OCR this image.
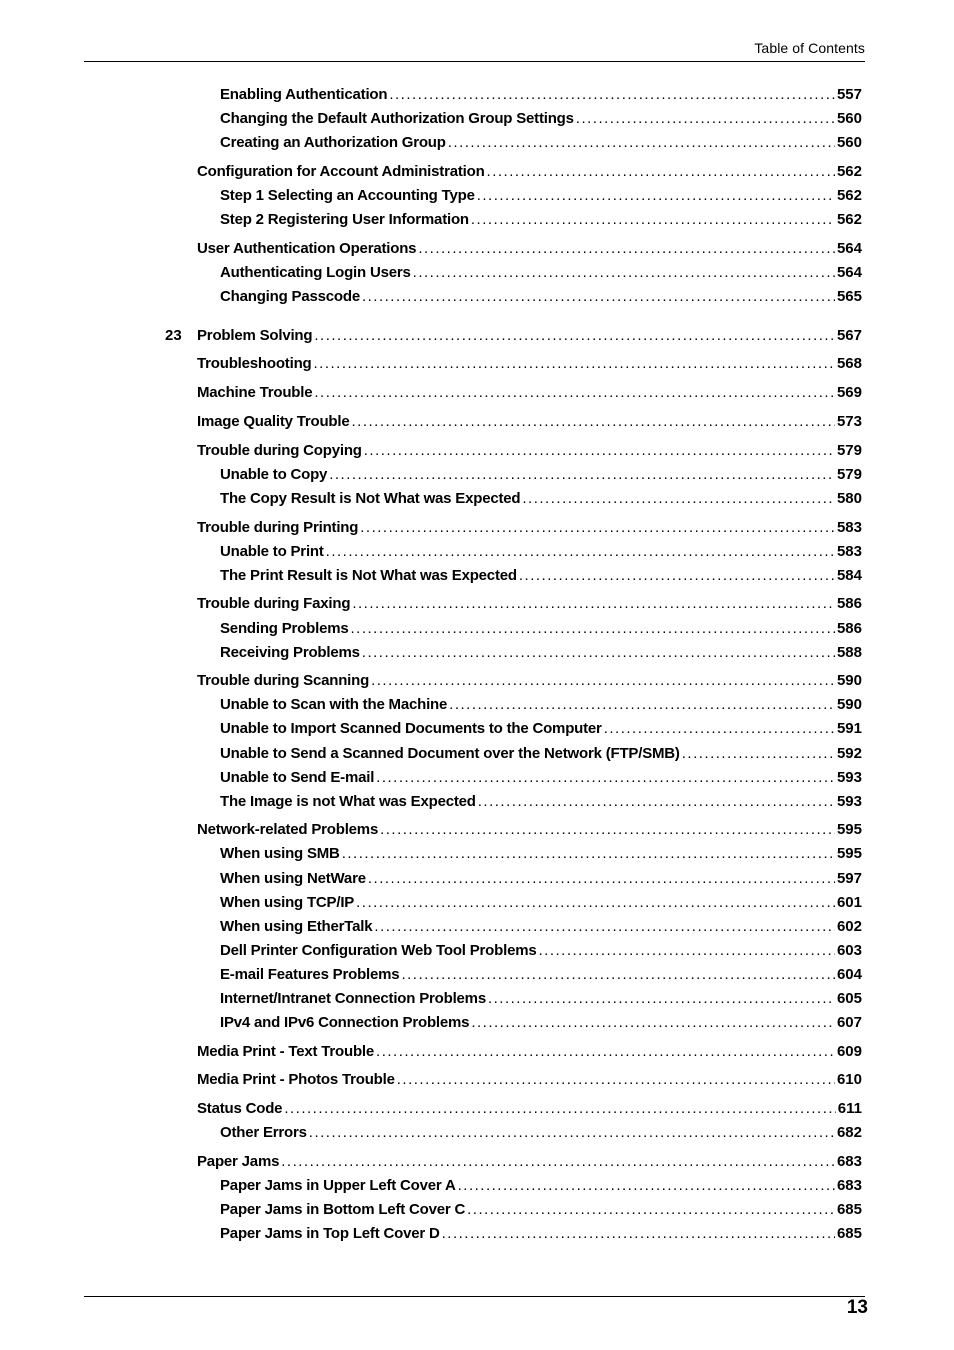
Table of Contents
Enabling Authentication .....	557
Changing the Default Authorization Group Settings .....	560
Creating an Authorization Group .....	560
Configuration for Account Administration .....	562
Step 1 Selecting an Accounting Type .....	562
Step 2 Registering User Information .....	562
User Authentication Operations .....	564
Authenticating Login Users .....	564
Changing Passcode .....	565
23 Problem Solving .....	567
Troubleshooting .....	568
Machine Trouble .....	569
Image Quality Trouble .....	573
Trouble during Copying .....	579
Unable to Copy .....	579
The Copy Result is Not What was Expected .....	580
Trouble during Printing .....	583
Unable to Print .....	583
The Print Result is Not What was Expected .....	584
Trouble during Faxing .....	586
Sending Problems .....	586
Receiving Problems .....	588
Trouble during Scanning .....	590
Unable to Scan with the Machine .....	590
Unable to Import Scanned Documents to the Computer .....	591
Unable to Send a Scanned Document over the Network (FTP/SMB) .....	592
Unable to Send E-mail .....	593
The Image is not What was Expected .....	593
Network-related Problems .....	595
When using SMB .....	595
When using NetWare .....	597
When using TCP/IP .....	601
When using EtherTalk .....	602
Dell Printer Configuration Web Tool Problems .....	603
E-mail Features Problems .....	604
Internet/Intranet Connection Problems .....	605
IPv4 and IPv6 Connection Problems .....	607
Media Print - Text Trouble .....	609
Media Print - Photos Trouble .....	610
Status Code .....	611
Other Errors .....	682
Paper Jams .....	683
Paper Jams in Upper Left Cover A .....	683
Paper Jams in Bottom Left Cover C .....	685
Paper Jams in Top Left Cover D .....	685
13
